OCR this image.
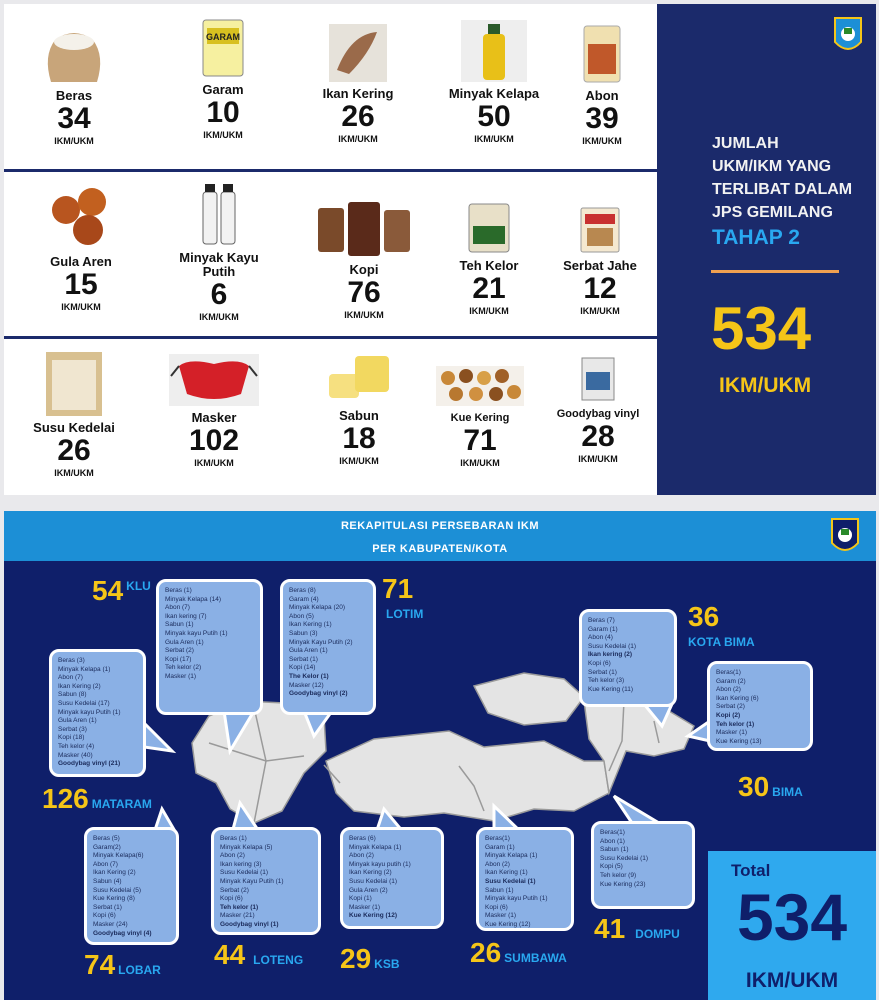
Beras
34
IKM/UKM
GARAM
Garam
10
IKM/UKM
Ikan Kering
26
IKM/UKM
Minyak Kelapa
50
IKM/UKM
Abon
39
IKM/UKM
Gula Aren
15
IKM/UKM
Minyak Kayu Putih
6
IKM/UKM
Kopi
76
IKM/UKM
Teh Kelor
21
IKM/UKM
Serbat Jahe
12
IKM/UKM
Susu Kedelai
26
IKM/UKM
Masker
102
IKM/UKM
Sabun
18
IKM/UKM
Kue Kering
71
IKM/UKM
Goodybag vinyl
28
IKM/UKM
JUMLAH
UKM/IKM YANG
TERLIBAT DALAM
JPS GEMILANG
TAHAP 2
534
IKM/UKM
REKAPITULASI PERSEBARAN IKM
PER KABUPATEN/KOTA
Beras (1)
Minyak Kelapa (14)
Abon (7)
Ikan kering (7)
Sabun (1)
Minyak kayu Putih (1)
Gula Aren (1)
Serbat (2)
Kopi (17)
Teh kelor (2)
Masker (1)
Beras (8)
Garam (4)
Minyak Kelapa (20)
Abon (5)
Ikan Kering (1)
Sabun (3)
Minyak Kayu Putih (2)
Gula Aren (1)
Serbat (1)
Kopi (14)
The Kelor (1)
Masker (12)
Goodybag vinyl (2)
Beras (3)
Minyak Kelapa (1)
Abon (7)
Ikan Kering (2)
Sabun (8)
Susu Kedelai (17)
Minyak kayu Putih (1)
Gula Aren (1)
Serbat (3)
Kopi (18)
Teh kelor (4)
Masker (40)
Goodybag vinyl (21)
Beras (7)
Garam (1)
Abon (4)
Susu Kedelai (1)
Ikan kering (2)
Kopi (6)
Serbat (1)
Teh kelor (3)
Kue Kering (11)
Beras(1)
Garam (2)
Abon (2)
Ikan Kering (6)
Serbat (2)
Kopi (2)
Teh kelor (1)
Masker (1)
Kue Kering (13)
Beras (5)
Garam(2)
Minyak Kelapa(6)
Abon (7)
Ikan Kering (2)
Sabun (4)
Susu Kedelai (5)
Kue Kering (8)
Serbat (1)
Kopi (6)
Masker (24)
Goodybag vinyl (4)
Beras (1)
Minyak Kelapa (5)
Abon (2)
Ikan kering (3)
Susu Kedelai (1)
Minyak Kayu Putih (1)
Serbat (2)
Kopi (6)
Teh kelor (1)
Masker (21)
Goodybag vinyl (1)
Beras (6)
Minyak Kelapa (1)
Abon (2)
Minyak kayu putih (1)
Ikan Kering (2)
Susu Kedelai (1)
Gula Aren (2)
Kopi (1)
Masker (1)
Kue Kering (12)
Beras(1)
Garam (1)
Minyak Kelapa (1)
Abon (2)
Ikan Kering (1)
Susu Kedelai (1)
Sabun (1)
Minyak kayu Putih (1)
Kopi (6)
Masker (1)
Kue Kering (12)
Beras(1)
Abon (1)
Sabun (1)
Susu Kedelai (1)
Kopi (5)
Teh kelor (9)
Kue Kering (23)
54 $^{KLU}$	71
LOTIM
126 MATARAM
36
KOTA BIMA
30 BIMA
74 LOBAR 44 LOTENG 29 KSB	26 SUMBAWA
41 DOMPU
Total
534
IKM/UKM
